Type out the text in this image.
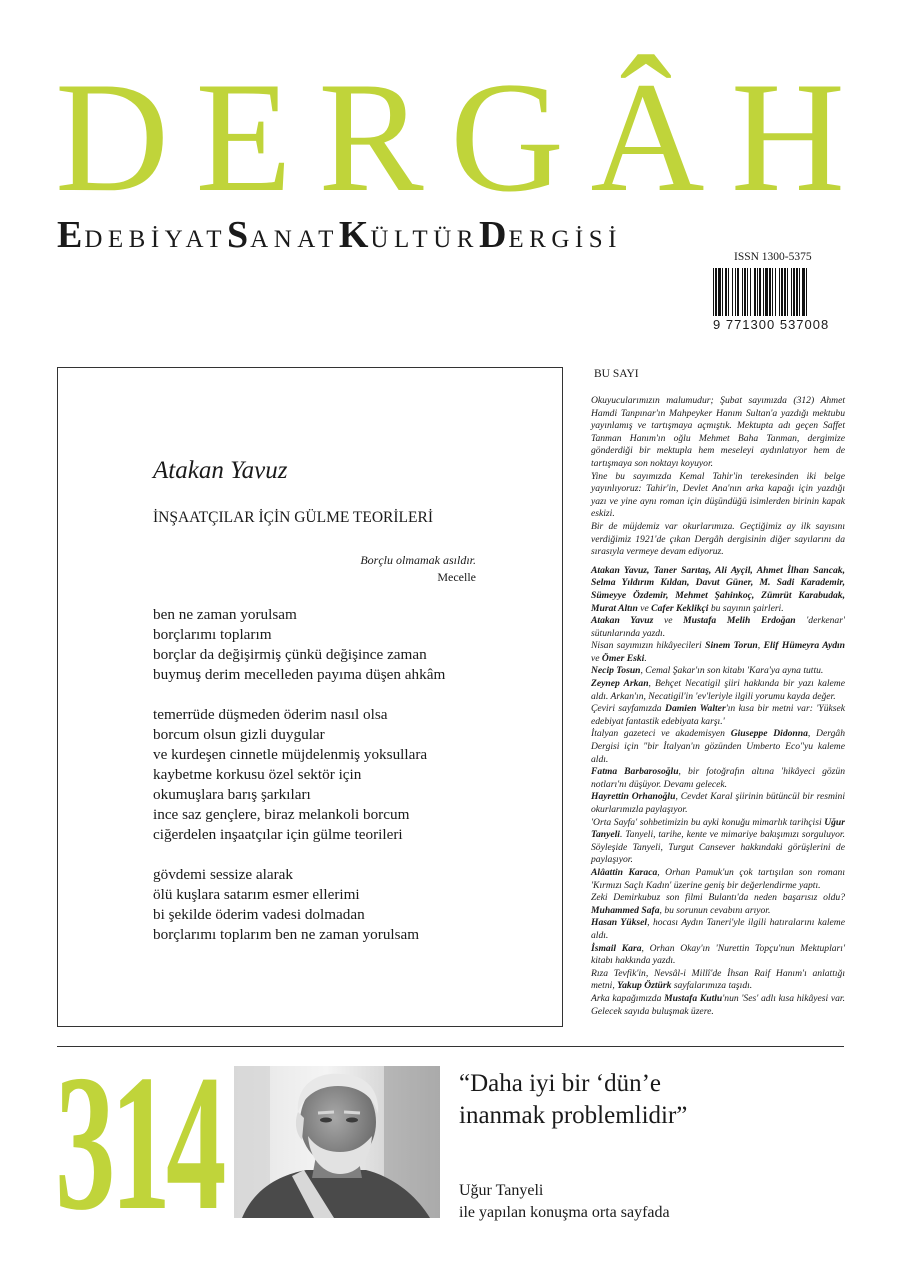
D E R G Â H
EDEBİYATSANATKÜLTÜRDERGİSİ
ISSN 1300-5375
9 771300 537008
Atakan Yavuz
İNŞAATÇILAR İÇİN GÜLME TEORİLERİ
Borçlu olmamak asıldır.
Mecelle
ben ne zaman yorulsam
borçlarımı toplarım
borçlar da değişirmiş çünkü değişince zaman
buymuş derim mecelleden payıma düşen ahkâm
temerrüde düşmeden öderim nasıl olsa
borcum olsun gizli duygular
ve kurdeşen cinnetle müjdelenmiş yoksullara
kaybetme korkusu özel sektör için
okumuşlara barış şarkıları
ince saz gençlere, biraz melankoli borcum
ciğerdelen inşaatçılar için gülme teorileri
gövdemi sessize alarak
ölü kuşlara satarım esmer ellerimi
bi şekilde öderim vadesi dolmadan
borçlarımı toplarım ben ne zaman yorulsam
BU SAYI

Okuyucularımızın malumudur; Şubat sayımızda (312) Ahmet Hamdi Tanpınar'ın Mahpeyker Hanım Sultan'a yazdığı mektubu yayınlamış ve tartışmaya açmıştık. Mektupta adı geçen Saffet Tanman Hanım'ın oğlu Mehmet Baha Tanman, dergimize gönderdiği bir mektupla hem meseleyi aydınlatıyor hem de tartışmaya son noktayı koyuyor.

Yine bu sayımızda Kemal Tahir'in terekesinden iki belge yayınlıyoruz: Tahir'in, Devlet Ana'nın arka kapağı için yazdığı yazı ve yine aynı roman için düşündüğü isimlerden birinin kapak eskizi.

Bir de müjdemiz var okurlarımıza. Geçtiğimiz ay ilk sayısını verdiğimiz 1921'de çıkan Dergâh dergisinin diğer sayılarını da sırasıyla vermeye devam ediyoruz.

Atakan Yavuz, Taner Sarıtaş, Ali Ayçil, Ahmet İlhan Sancak, Selma Yıldırım Kıldan, Davut Güner, M. Sadi Karademir, Sümeyye Özdemir, Mehmet Şahinkoç, Zümrüt Karabudak, Murat Altın ve Cafer Keklikçi bu sayının şairleri.

Atakan Yavuz ve Mustafa Melih Erdoğan 'derkenar' sütunlarında yazdı.

Nisan sayımızın hikâyecileri Sinem Torun, Elif Hümeyra Aydın ve Ömer Eski.

Necip Tosun, Cemal Şakar'ın son kitabı 'Kara'ya ayna tuttu.

Zeynep Arkan, Behçet Necatigil şiiri hakkında bir yazı kaleme aldı. Arkan'ın, Necatigil'in 'ev'leriyle ilgili yorumu kayda değer.

Çeviri sayfamızda Damien Walter'ın kısa bir metni var: 'Yüksek edebiyat fantastik edebiyata karşı.'

İtalyan gazeteci ve akademisyen Giuseppe Didonna, Dergâh Dergisi için "bir İtalyan'ın gözünden Umberto Eco"yu kaleme aldı.

Fatma Barbarosoğlu, bir fotoğrafın altına 'hikâyeci gözün notları'nı düşüyor. Devamı gelecek.

Hayrettin Orhanoğlu, Cevdet Karal şiirinin bütüncül bir resmini okurlarımızla paylaşıyor.

'Orta Sayfa' sohbetimizin bu ayki konuğu mimarlık tarihçisi Uğur Tanyeli. Tanyeli, tarihe, kente ve mimariye bakışımızı sorguluyor. Söyleşide Tanyeli, Turgut Cansever hakkındaki görüşlerini de paylaşıyor.

Alâattin Karaca, Orhan Pamuk'un çok tartışılan son romanı 'Kırmızı Saçlı Kadın' üzerine geniş bir değerlendirme yaptı.

Zeki Demirkubuz son filmi Bulantı'da neden başarısız oldu? Muhammed Safa, bu sorunun cevabını arıyor.

Hasan Yüksel, hocası Aydın Taneri'yle ilgili hatıralarını kaleme aldı.

İsmail Kara, Orhan Okay'ın 'Nurettin Topçu'nun Mektupları' kitabı hakkında yazdı.

Rıza Tevfik'in, Nevsâl-i Millî'de İhsan Raif Hanım'ı anlattığı metni, Yakup Öztürk sayfalarımıza taşıdı.

Arka kapağımızda Mustafa Kutlu'nun 'Ses' adlı kısa hikâyesi var. Gelecek sayıda buluşmak üzere.

314	“Daha iyi bir ‘dün’e
inanmak problemlidir”
Uğur Tanyeli
ile yapılan konuşma orta sayfada
